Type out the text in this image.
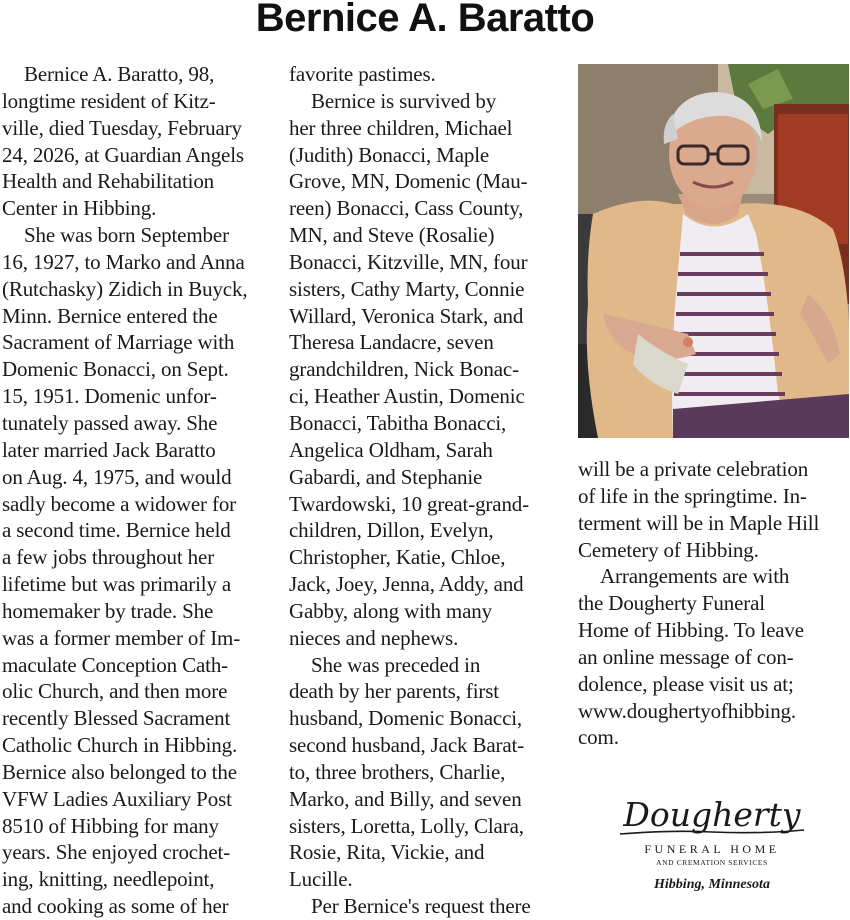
Bernice A. Baratto

Bernice A. Baratto, 98,

longtime resident of Kitz-

ville, died Tuesday, February

24, 2026, at Guardian Angels

Health and Rehabilitation

Center in Hibbing.

She was born September

16, 1927, to Marko and Anna

(Rutchasky) Zidich in Buyck,

Minn. Bernice entered the

Sacrament of Marriage with

Domenic Bonacci, on Sept.

15, 1951. Domenic unfor-

tunately passed away. She

later married Jack Baratto

on Aug. 4, 1975, and would

sadly become a widower for

a second time. Bernice held

a few jobs throughout her

lifetime but was primarily a

homemaker by trade. She

was a former member of Im-

maculate Conception Cath-

olic Church, and then more

recently Blessed Sacrament

Catholic Church in Hibbing.

Bernice also belonged to the

VFW Ladies Auxiliary Post

8510 of Hibbing for many

years. She enjoyed crochet-

ing, knitting, needlepoint,

and cooking as some of her

favorite pastimes.

Bernice is survived by

her three children, Michael

(Judith) Bonacci, Maple

Grove, MN, Domenic (Mau-

reen) Bonacci, Cass County,

MN, and Steve (Rosalie)

Bonacci, Kitzville, MN, four

sisters, Cathy Marty, Connie

Willard, Veronica Stark, and

Theresa Landacre, seven

grandchildren, Nick Bonac-

ci, Heather Austin, Domenic

Bonacci, Tabitha Bonacci,

Angelica Oldham, Sarah

Gabardi, and Stephanie

Twardowski, 10 great-grand-

children, Dillon, Evelyn,

Christopher, Katie, Chloe,

Jack, Joey, Jenna, Addy, and

Gabby, along with many

nieces and nephews.

She was preceded in

death by her parents, first

husband, Domenic Bonacci,

second husband, Jack Barat-

to, three brothers, Charlie,

Marko, and Billy, and seven

sisters, Loretta, Lolly, Clara,

Rosie, Rita, Vickie, and

Lucille.

Per Bernice's request there

will be a private celebration

of life in the springtime. In-

terment will be in Maple Hill

Cemetery of Hibbing.

Arrangements are with

the Dougherty Funeral

Home of Hibbing. To leave

an online message of con-

dolence, please visit us at;

www.doughertyofhibbing.

com.

Dougherty
FUNERAL HOME
AND CREMATION SERVICES
Hibbing, Minnesota
